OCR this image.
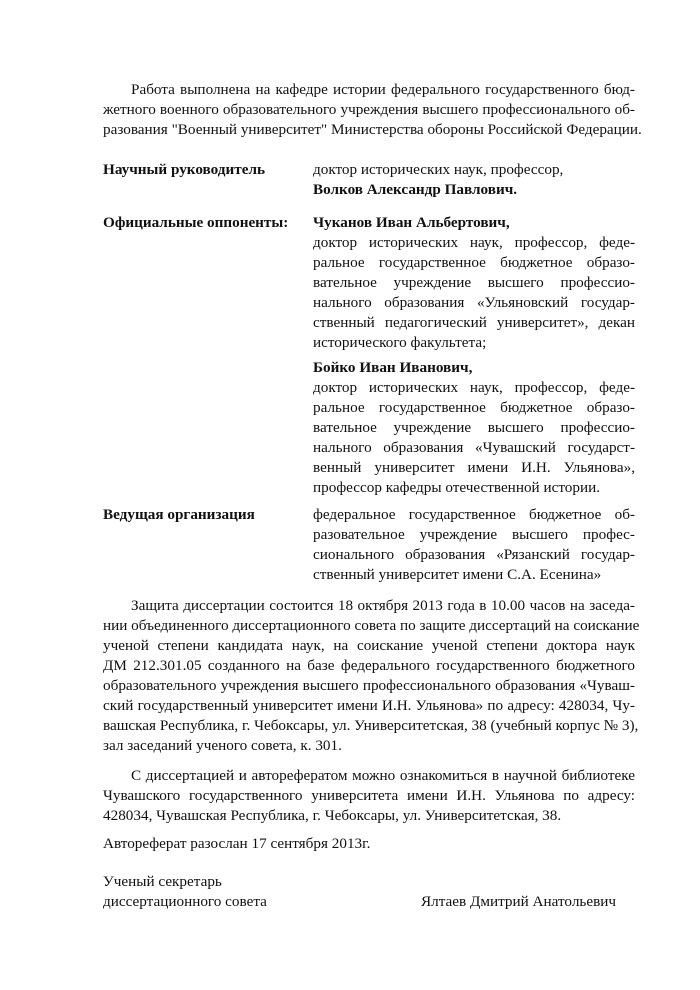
Работа выполнена на кафедре истории федерального государственного бюд-
жетного военного образовательного учреждения высшего профессионального об-
разования "Военный университет" Министерства обороны Российской Федерации.
Научный руководитель	доктор исторических наук, профессор,
Волков Александр Павлович.
Официальные оппоненты: Чуканов Иван Альбертович,
доктор исторических наук, профессор, феде-
ральное государственное бюджетное образо-
вательное учреждение высшего профессио-
нального образования «Ульяновский государ-
ственный педагогический университет», декан
исторического факультета;
Бойко Иван Иванович,
доктор исторических наук, профессор, феде-
ральное государственное бюджетное образо-
вательное учреждение высшего профессио-
нального образования «Чувашский государст-
венный университет имени И.Н. Ульянова»,
профессор кафедры отечественной истории.
Ведущая организация	федеральное государственное бюджетное об-
разовательное учреждение высшего профес-
сионального образования «Рязанский государ-
ственный университет имени С.А. Есенина»
Защита диссертации состоится 18 октября 2013 года в 10.00 часов на заседа-
нии объединенного диссертационного совета по защите диссертаций на соискание
ученой степени кандидата наук, на соискание ученой степени доктора наук
ДМ 212.301.05 созданного на базе федерального государственного бюджетного
образовательного учреждения высшего профессионального образования «Чуваш-
ский государственный университет имени И.Н. Ульянова» по адресу: 428034, Чу-
вашская Республика, г. Чебоксары, ул. Университетская, 38 (учебный корпус № 3),
зал заседаний ученого совета, к. 301.
С диссертацией и авторефератом можно ознакомиться в научной библиотеке
Чувашского государственного университета имени И.Н. Ульянова по адресу:
428034, Чувашская Республика, г. Чебоксары, ул. Университетская, 38.
Автореферат разослан 17 сентября 2013г.
Ученый секретарь
диссертационного совета	Ялтаев Дмитрий Анатольевич
